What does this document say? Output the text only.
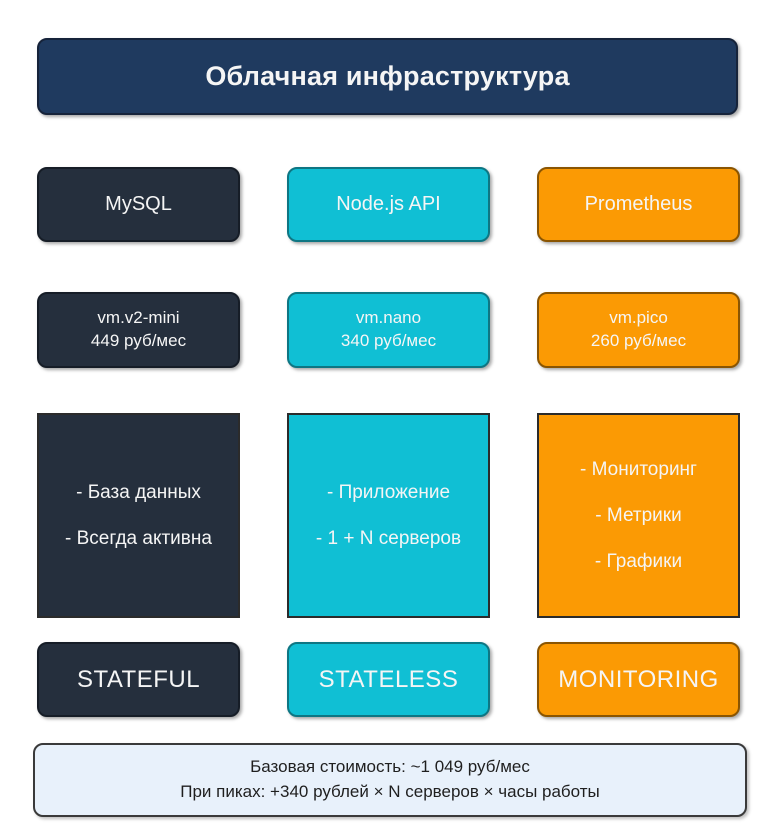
Облачная инфраструктура
MySQL	Node.js API	Prometheus
vm.v2-mini
449 руб/мес
vm.nano
340 руб/мес
vm.pico
260 руб/мес
- База данных
- Всегда активна
- Приложение
- 1 + N серверов
- Мониторинг
- Метрики
- Графики
STATEFUL	STATELESS	MONITORING
Базовая стоимость: ~1 049 руб/мес
При пиках: +340 рублей × N серверов × часы работы
